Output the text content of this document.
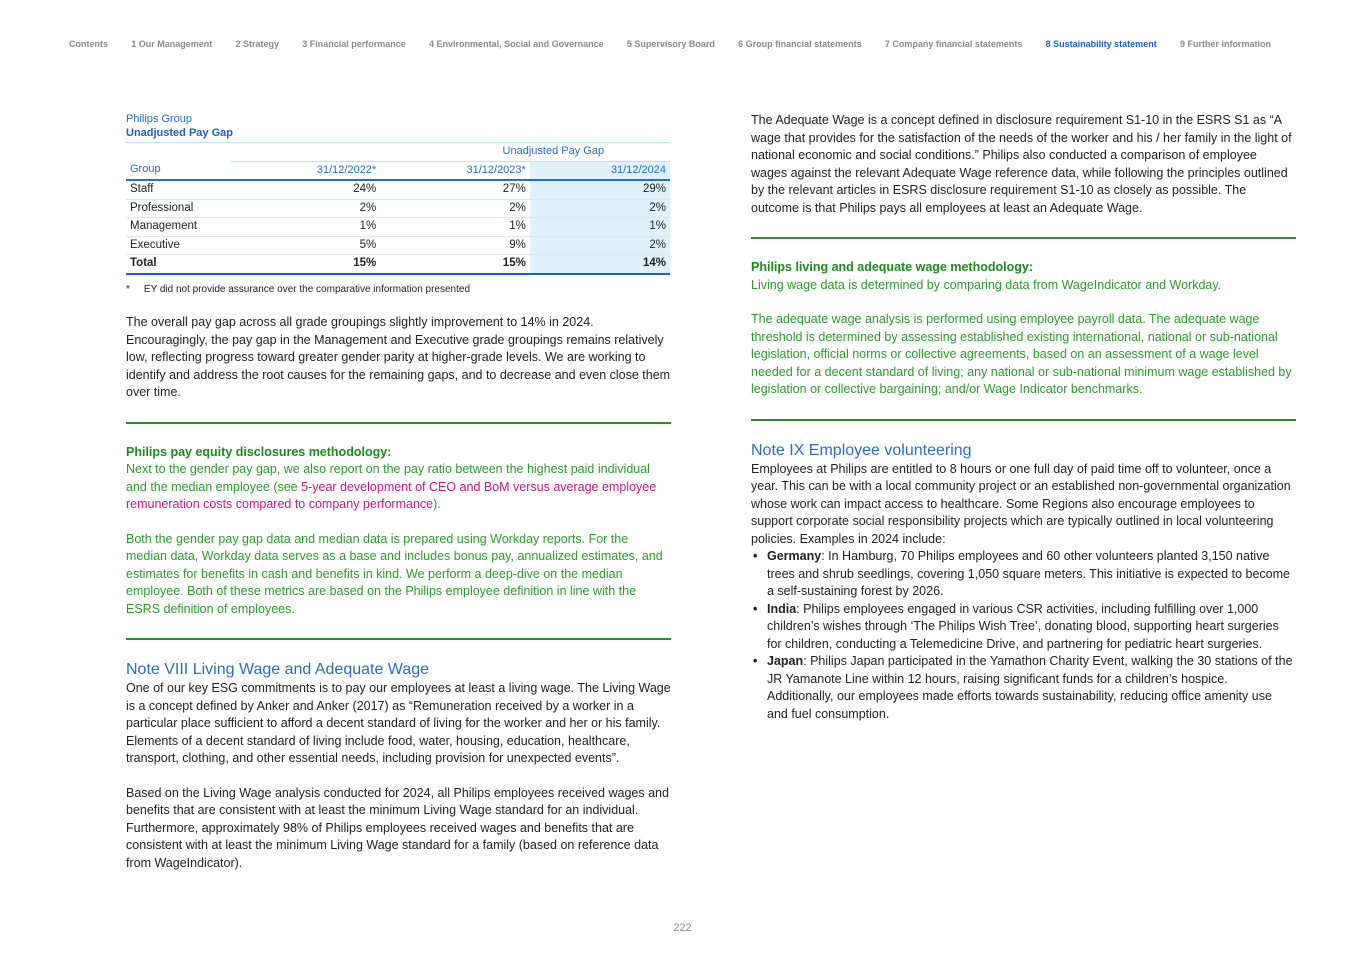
Contents	1 Our Management	2 Strategy	3 Financial performance	4 Environmental, Social and Governance	5 Supervisory Board	6 Group financial statements	7 Company financial statements	8 Sustainability statement	9 Further information
Philips Group
Unadjusted Pay Gap
	Unadjusted Pay Gap		
Group	31/12/2022*	31/12/2023*	31/12/2024
Staff	24%	27%	29%
Professional	2%	2%	2%
Management	1%	1%	1%
Executive	5%	9%	2%
Total	15%	15%	14%
* EY did not provide assurance over the comparative information presented

The overall pay gap across all grade groupings slightly improvement to 14% in 2024. Encouragingly, the pay gap in the Management and Executive grade groupings remains relatively low, reflecting progress toward greater gender parity at higher-grade levels. We are working to identify and address the root causes for the remaining gaps, and to decrease and even close them over time.

Philips pay equity disclosures methodology:

Next to the gender pay gap, we also report on the pay ratio between the highest paid individual and the median employee (see 5-year development of CEO and BoM versus average employee remuneration costs compared to company performance).

Both the gender pay gap data and median data is prepared using Workday reports. For the median data, Workday data serves as a base and includes bonus pay, annualized estimates, and estimates for benefits in cash and benefits in kind. We perform a deep-dive on the median employee. Both of these metrics are based on the Philips employee definition in line with the ESRS definition of employees.

Note VIII Living Wage and Adequate Wage

One of our key ESG commitments is to pay our employees at least a living wage. The Living Wage is a concept defined by Anker and Anker (2017) as “Remuneration received by a worker in a particular place sufficient to afford a decent standard of living for the worker and her or his family. Elements of a decent standard of living include food, water, housing, education, healthcare, transport, clothing, and other essential needs, including provision for unexpected events”.

Based on the Living Wage analysis conducted for 2024, all Philips employees received wages and benefits that are consistent with at least the minimum Living Wage standard for an individual. Furthermore, approximately 98% of Philips employees received wages and benefits that are consistent with at least the minimum Living Wage standard for a family (based on reference data from WageIndicator).

The Adequate Wage is a concept defined in disclosure requirement S1-10 in the ESRS S1 as “A wage that provides for the satisfaction of the needs of the worker and his / her family in the light of national economic and social conditions.” Philips also conducted a comparison of employee wages against the relevant Adequate Wage reference data, while following the principles outlined by the relevant articles in ESRS disclosure requirement S1-10 as closely as possible. The outcome is that Philips pays all employees at least an Adequate Wage.

Philips living and adequate wage methodology:

Living wage data is determined by comparing data from WageIndicator and Workday.

The adequate wage analysis is performed using employee payroll data. The adequate wage threshold is determined by assessing established existing international, national or sub-national legislation, official norms or collective agreements, based on an assessment of a wage level needed for a decent standard of living; any national or sub-national minimum wage established by legislation or collective bargaining; and/or Wage Indicator benchmarks.

Note IX Employee volunteering

Employees at Philips are entitled to 8 hours or one full day of paid time off to volunteer, once a year. This can be with a local community project or an established non-governmental organization whose work can impact access to healthcare. Some Regions also encourage employees to support corporate social responsibility projects which are typically outlined in local volunteering policies. Examples in 2024 include:

• Germany: In Hamburg, 70 Philips employees and 60 other volunteers planted 3,150 native trees and shrub seedlings, covering 1,050 square meters. This initiative is expected to become a self-sustaining forest by 2026.
• India: Philips employees engaged in various CSR activities, including fulfilling over 1,000 children’s wishes through ‘The Philips Wish Tree’, donating blood, supporting heart surgeries for children, conducting a Telemedicine Drive, and partnering for pediatric heart surgeries.
• Japan: Philips Japan participated in the Yamathon Charity Event, walking the 30 stations of the JR Yamanote Line within 12 hours, raising significant funds for a children’s hospice. Additionally, our employees made efforts towards sustainability, reducing office amenity use and fuel consumption.
222
